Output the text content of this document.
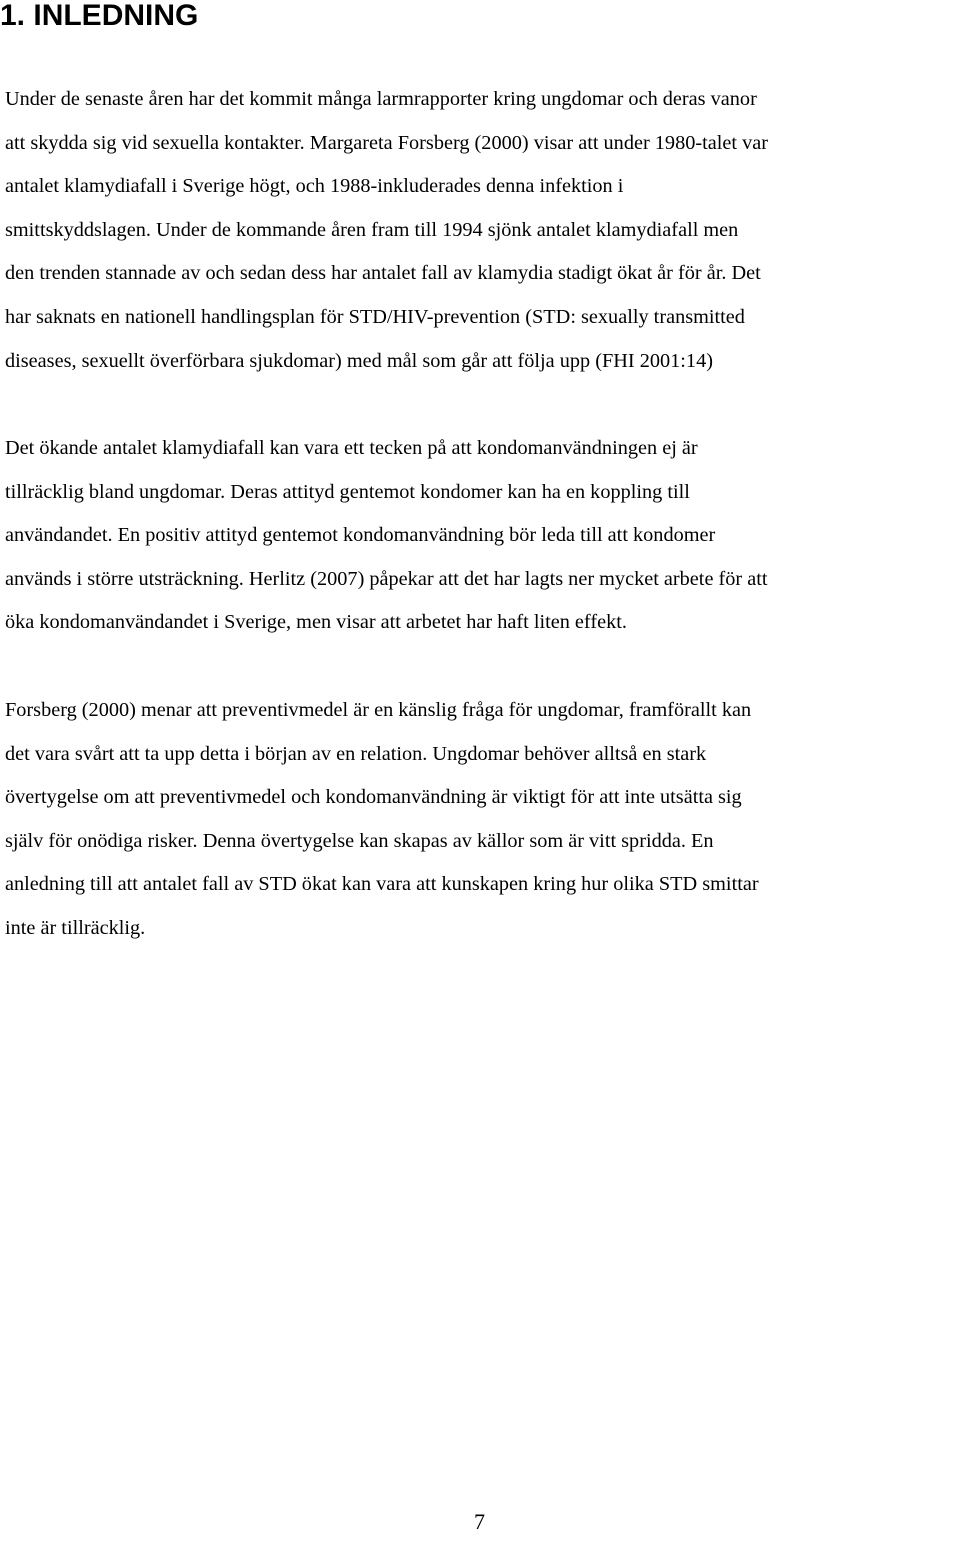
1. INLEDNING

Under de senaste åren har det kommit många larmrapporter kring ungdomar och deras vanor
att skydda sig vid sexuella kontakter. Margareta Forsberg (2000) visar att under 1980-talet var
antalet klamydiafall i Sverige högt, och 1988-inkluderades denna infektion i
smittskyddslagen. Under de kommande åren fram till 1994 sjönk antalet klamydiafall men
den trenden stannade av och sedan dess har antalet fall av klamydia stadigt ökat år för år. Det
har saknats en nationell handlingsplan för STD/HIV-prevention (STD: sexually transmitted
diseases, sexuellt överförbara sjukdomar) med mål som går att följa upp (FHI 2001:14)

Det ökande antalet klamydiafall kan vara ett tecken på att kondomanvändningen ej är
tillräcklig bland ungdomar. Deras attityd gentemot kondomer kan ha en koppling till
användandet. En positiv attityd gentemot kondomanvändning bör leda till att kondomer
används i större utsträckning. Herlitz (2007) påpekar att det har lagts ner mycket arbete för att
öka kondomanvändandet i Sverige, men visar att arbetet har haft liten effekt.

Forsberg (2000) menar att preventivmedel är en känslig fråga för ungdomar, framförallt kan
det vara svårt att ta upp detta i början av en relation. Ungdomar behöver alltså en stark
övertygelse om att preventivmedel och kondomanvändning är viktigt för att inte utsätta sig
själv för onödiga risker. Denna övertygelse kan skapas av källor som är vitt spridda. En
anledning till att antalet fall av STD ökat kan vara att kunskapen kring hur olika STD smittar
inte är tillräcklig.

7
